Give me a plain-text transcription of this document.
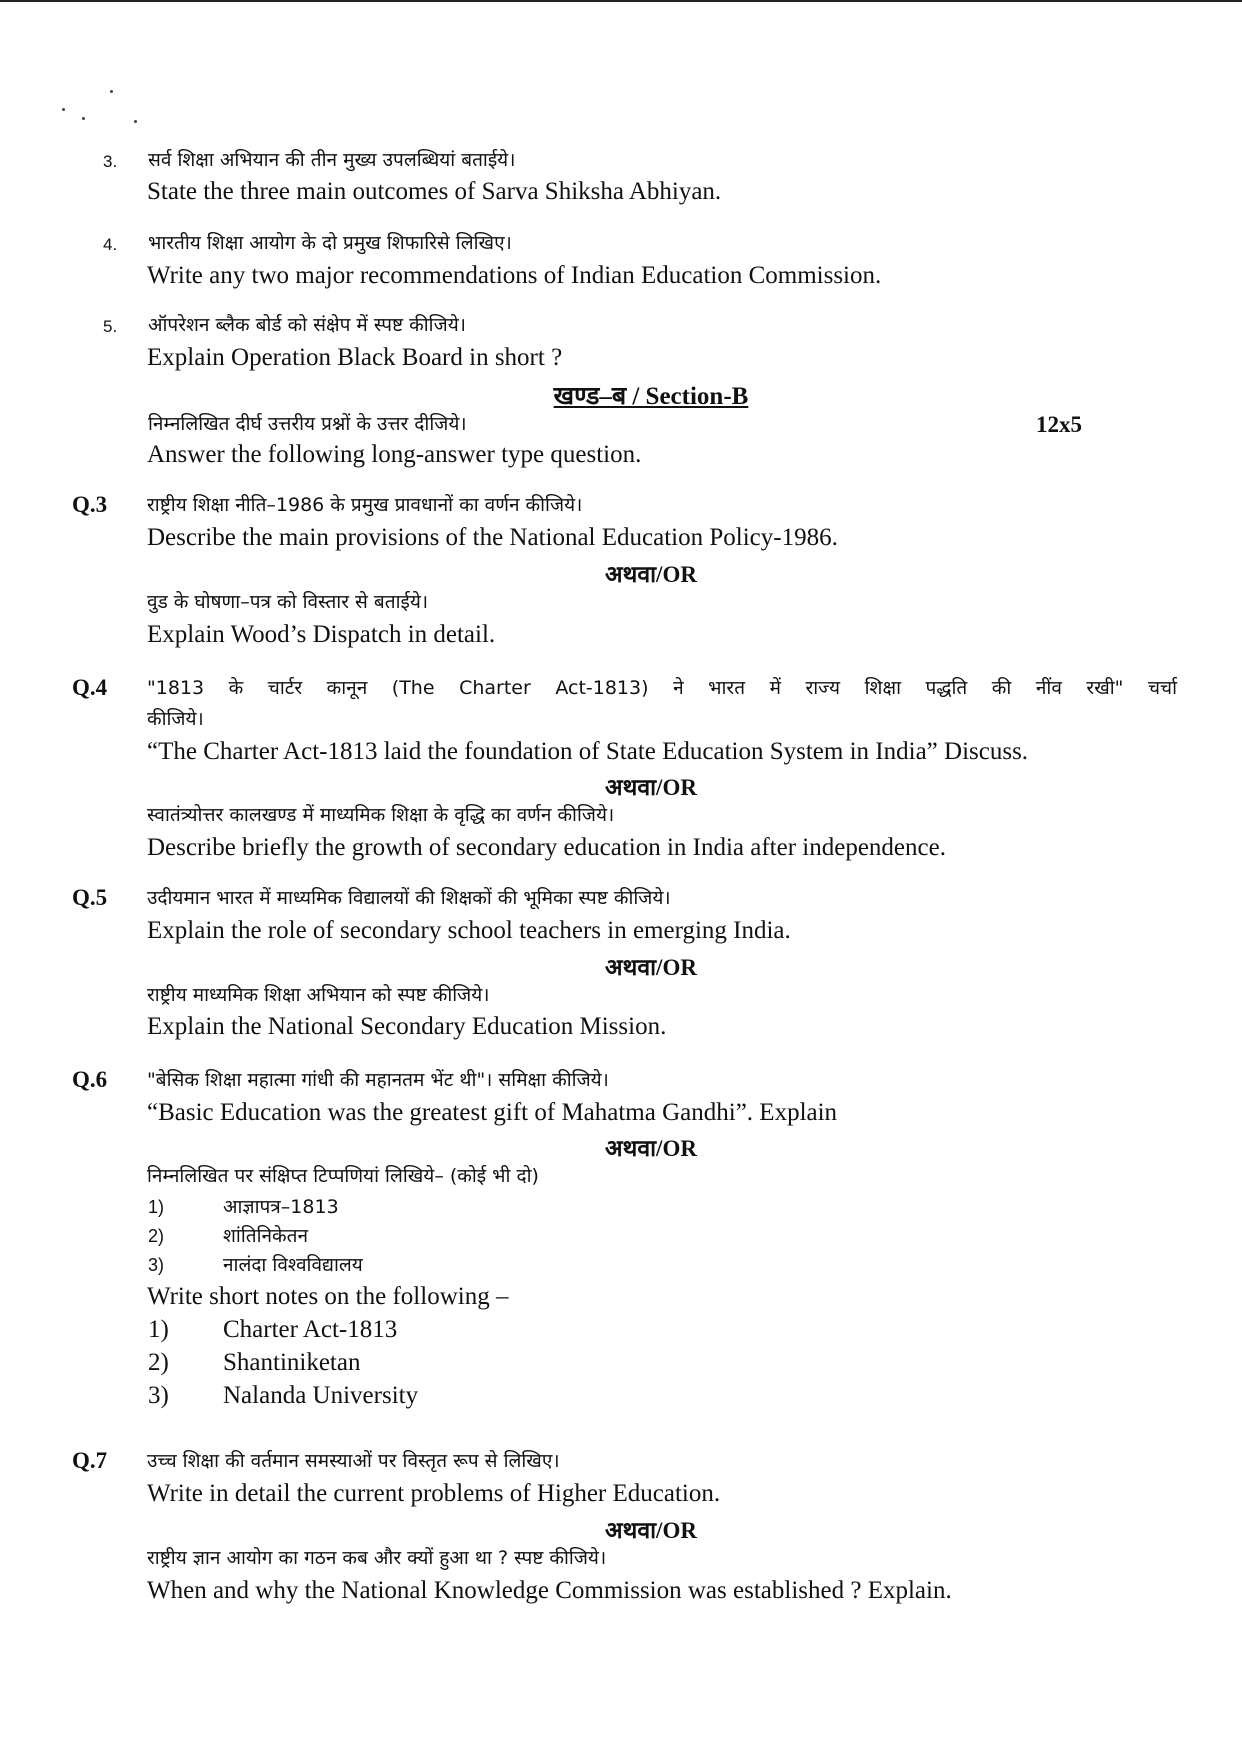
3. सर्व शिक्षा अभियान की तीन मुख्य उपलब्धियां बताईये।
State the three main outcomes of Sarva Shiksha Abhiyan.
4. भारतीय शिक्षा आयोग के दो प्रमुख शिफारिसे लिखिए।
Write any two major recommendations of Indian Education Commission.
5. ऑपरेशन ब्लैक बोर्ड को संक्षेप में स्पष्ट कीजिये।
Explain Operation Black Board in short ?
खण्ड–ब / Section-B
निम्नलिखित दीर्घ उत्तरीय प्रश्नों के उत्तर दीजिये।	12x5
Answer the following long-answer type question.
Q.3 राष्ट्रीय शिक्षा नीति–1986 के प्रमुख प्रावधानों का वर्णन कीजिये।
Describe the main provisions of the National Education Policy-1986.
अथवा/OR
वुड के घोषणा–पत्र को विस्तार से बताईये।
Explain Wood’s Dispatch in detail.
Q.4 "1813 के चार्टर कानून (The Charter Act-1813) ने भारत में राज्य शिक्षा पद्धति की नींव रखी" चर्चा
कीजिये।
“The Charter Act-1813 laid the foundation of State Education System in India” Discuss.
अथवा/OR
स्वातंत्र्योत्तर कालखण्ड में माध्यमिक शिक्षा के वृद्धि का वर्णन कीजिये।
Describe briefly the growth of secondary education in India after independence.
Q.5 उदीयमान भारत में माध्यमिक विद्यालयों की शिक्षकों की भूमिका स्पष्ट कीजिये।
Explain the role of secondary school teachers in emerging India.
अथवा/OR
राष्ट्रीय माध्यमिक शिक्षा अभियान को स्पष्ट कीजिये।
Explain the National Secondary Education Mission.
Q.6 "बेसिक शिक्षा महात्मा गांधी की महानतम भेंट थी"। समिक्षा कीजिये।
“Basic Education was the greatest gift of Mahatma Gandhi”. Explain
अथवा/OR
निम्नलिखित पर संक्षिप्त टिप्पणियां लिखिये– (कोई भी दो)
1)	आज्ञापत्र–1813
2)	शांतिनिकेतन
3)	नालंदा विश्वविद्यालय
Write short notes on the following –
1) Charter Act-1813
2) Shantiniketan
3) Nalanda University
Q.7 उच्च शिक्षा की वर्तमान समस्याओं पर विस्तृत रूप से लिखिए।
Write in detail the current problems of Higher Education.
अथवा/OR
राष्ट्रीय ज्ञान आयोग का गठन कब और क्यों हुआ था ? स्पष्ट कीजिये।
When and why the National Knowledge Commission was established ? Explain.
